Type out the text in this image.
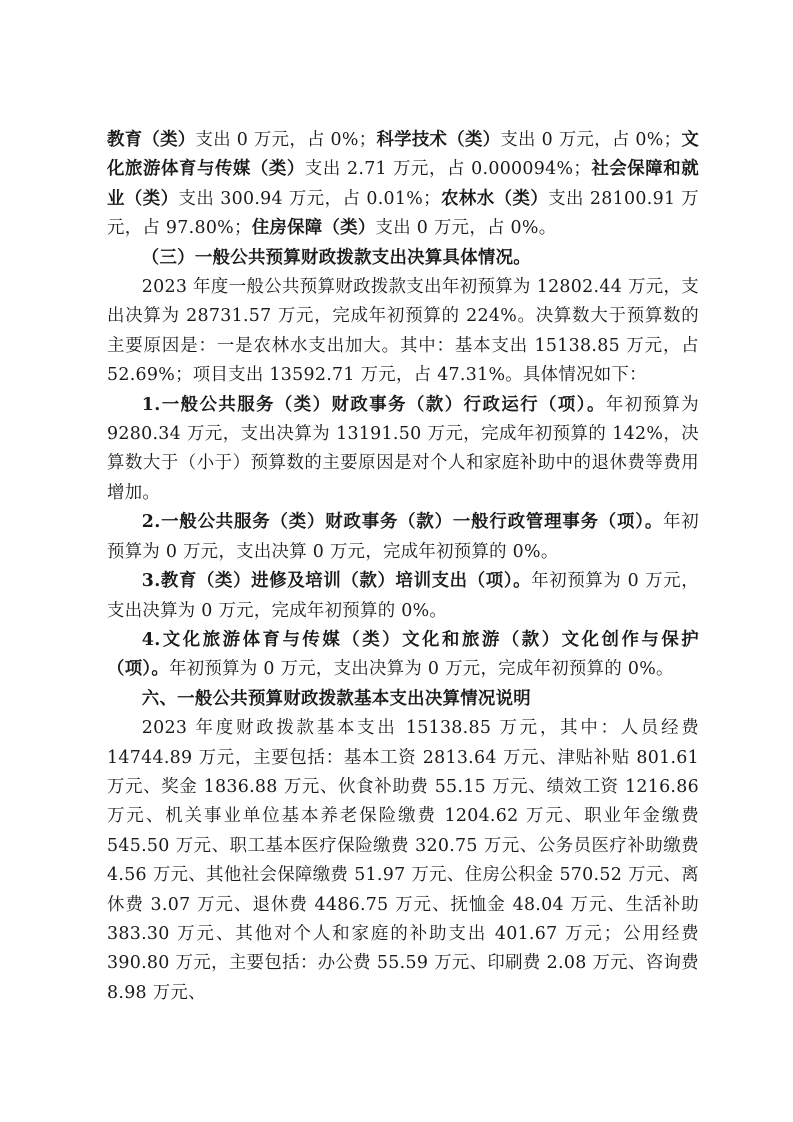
教育（类）支出 0 万元，占 0%；科学技术（类）支出 0 万元，占 0%；文化旅游体育与传媒（类）支出 2.71 万元，占 0.000094%；社会保障和就业（类）支出 300.94 万元，占 0.01%；农林水（类）支出 28100.91 万元，占 97.80%；住房保障（类）支出 0 万元，占 0%。

（三）一般公共预算财政拨款支出决算具体情况。

2023 年度一般公共预算财政拨款支出年初预算为 12802.44 万元，支出决算为 28731.57 万元，完成年初预算的 224%。决算数大于预算数的主要原因是：一是农林水支出加大。其中：基本支出 15138.85 万元，占 52.69%；项目支出 13592.71 万元，占 47.31%。具体情况如下：

1.一般公共服务（类）财政事务（款）行政运行（项）。年初预算为 9280.34 万元，支出决算为 13191.50 万元，完成年初预算的 142%，决算数大于（小于）预算数的主要原因是对个人和家庭补助中的退休费等费用增加。

2.一般公共服务（类）财政事务（款）一般行政管理事务（项）。年初预算为 0 万元，支出决算 0 万元，完成年初预算的 0%。

3.教育（类）进修及培训（款）培训支出（项）。年初预算为 0 万元，支出决算为 0 万元，完成年初预算的 0%。

4.文化旅游体育与传媒（类）文化和旅游（款）文化创作与保护（项）。年初预算为 0 万元，支出决算为 0 万元，完成年初预算的 0%。

六、一般公共预算财政拨款基本支出决算情况说明

2023 年度财政拨款基本支出 15138.85 万元，其中：人员经费 14744.89 万元，主要包括：基本工资 2813.64 万元、津贴补贴 801.61 万元、奖金 1836.88 万元、伙食补助费 55.15 万元、绩效工资 1216.86 万元、机关事业单位基本养老保险缴费 1204.62 万元、职业年金缴费 545.50 万元、职工基本医疗保险缴费 320.75 万元、公务员医疗补助缴费 4.56 万元、其他社会保障缴费 51.97 万元、住房公积金 570.52 万元、离休费 3.07 万元、退休费 4486.75 万元、抚恤金 48.04 万元、生活补助 383.30 万元、其他对个人和家庭的补助支出 401.67 万元；公用经费 390.80 万元，主要包括：办公费 55.59 万元、印刷费 2.08 万元、咨询费 8.98 万元、
